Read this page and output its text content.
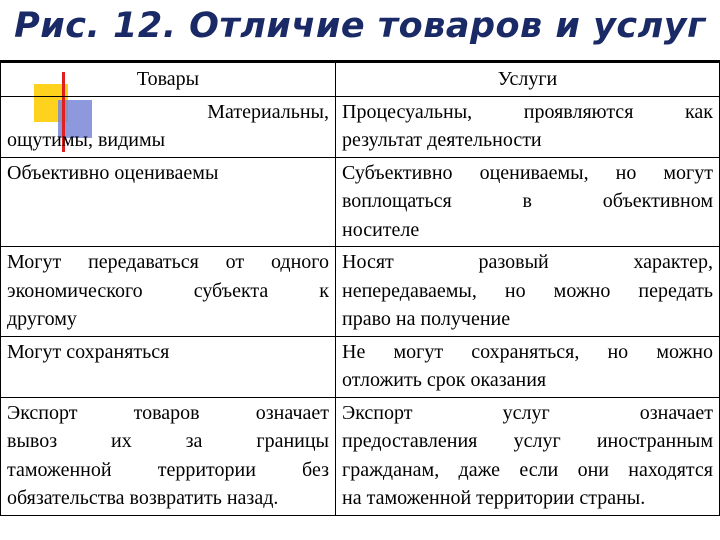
Рис. 12. Отличие товаров и услуг
Товары	Услуги

Материальны,
ощутимы, видимы	Процесуальны, проявляются как
результат деятельности

Объективно оцениваемы	Субъективно оцениваемы, но могут
воплощаться в объективном
носителе

Могут передаваться от одного
экономического субъекта к
другому	Носят разовый характер,
непередаваемы, но можно передать
право на получение

Могут сохраняться	Не могут сохраняться, но можно
отложить срок оказания

Экспорт товаров означает
вывоз их за границы
таможенной территории без
обязательства возвратить назад.	Экспорт услуг означает
предоставления услуг иностранным
гражданам, даже если они находятся
на таможенной территории страны.
